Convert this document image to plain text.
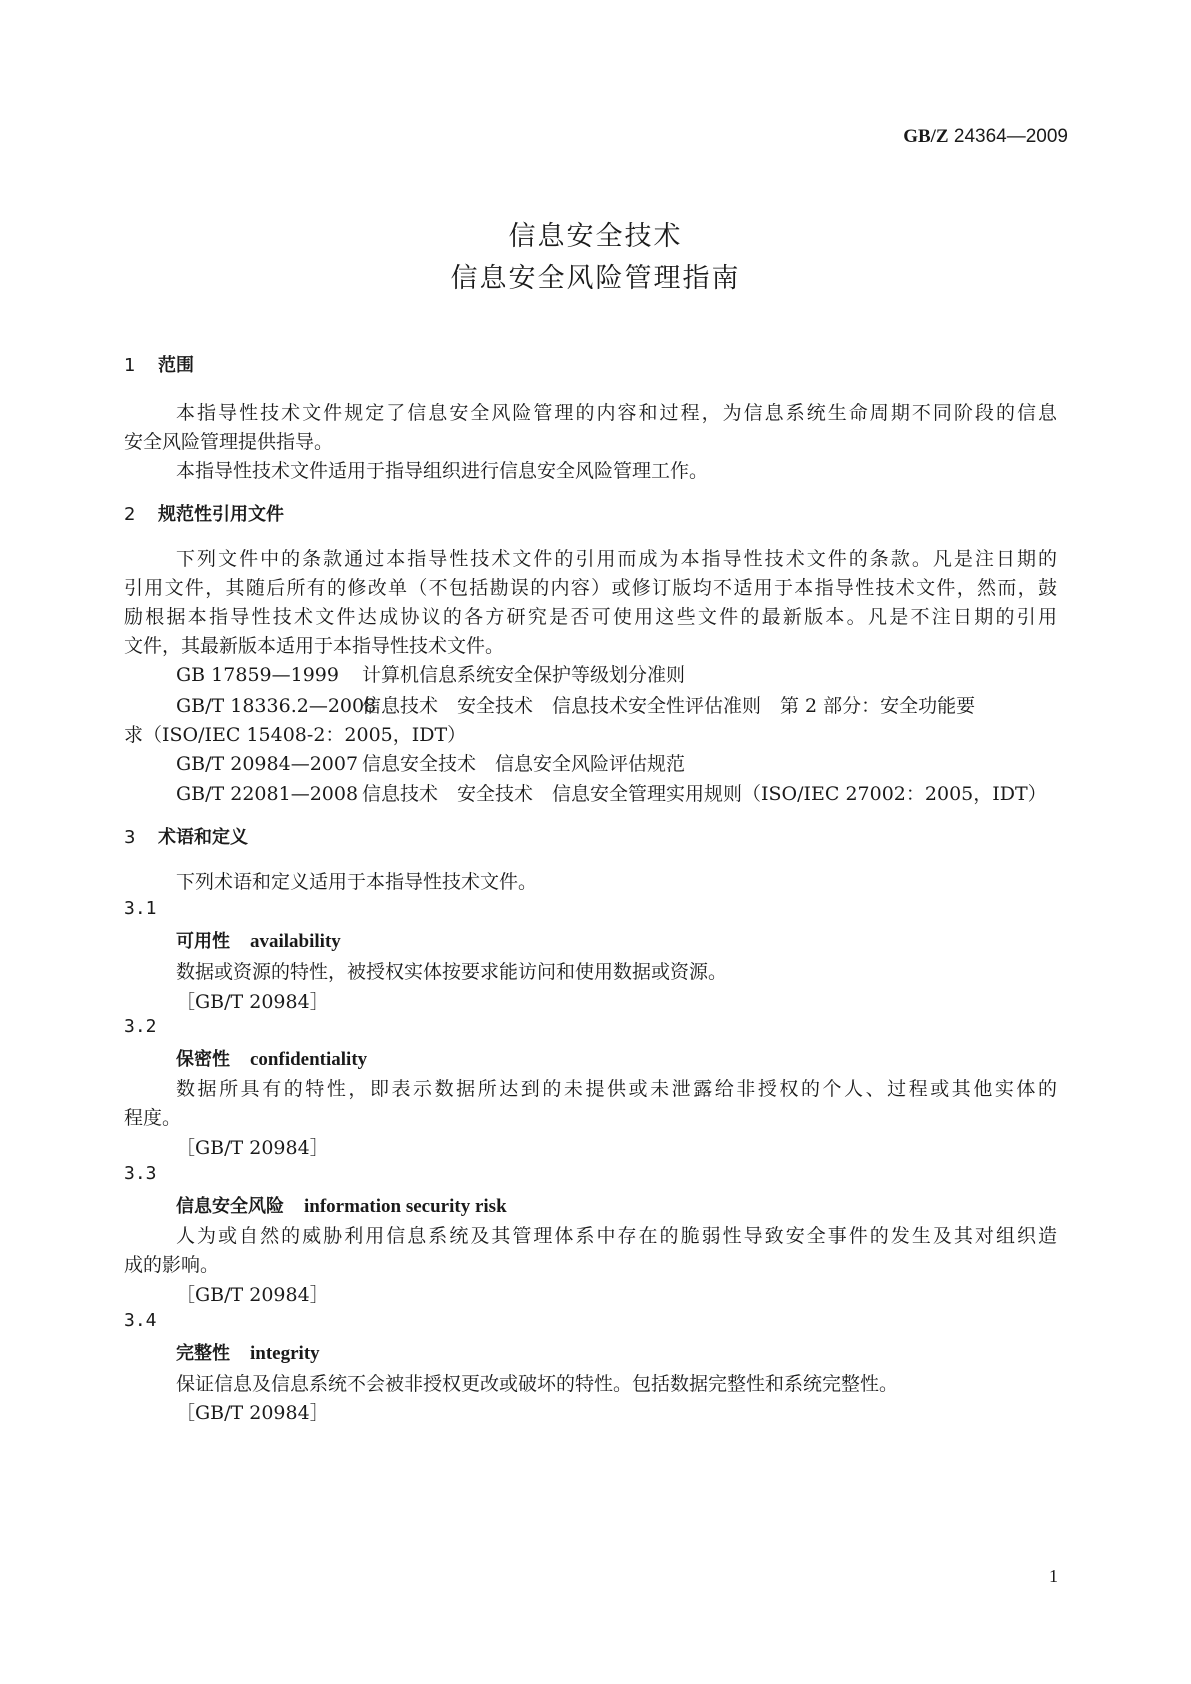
GB/Z 24364—2009
信息安全技术
信息安全风险管理指南
1 范围
本指导性技术文件规定了信息安全风险管理的内容和过程，为信息系统生命周期不同阶段的信息
安全风险管理提供指导。
本指导性技术文件适用于指导组织进行信息安全风险管理工作。
2 规范性引用文件
下列文件中的条款通过本指导性技术文件的引用而成为本指导性技术文件的条款。凡是注日期的
引用文件，其随后所有的修改单（不包括勘误的内容）或修订版均不适用于本指导性技术文件，然而，鼓
励根据本指导性技术文件达成协议的各方研究是否可使用这些文件的最新版本。凡是不注日期的引用
文件，其最新版本适用于本指导性技术文件。
GB 17859—1999 计算机信息系统安全保护等级划分准则
GB/T 18336.2—2008信息技术　安全技术　信息技术安全性评估准则　第 2 部分：安全功能要
求（ISO/IEC 15408-2：2005，IDT）
GB/T 20984—2007 信息安全技术　信息安全风险评估规范
GB/T 22081—2008 信息技术　安全技术　信息安全管理实用规则（ISO/IEC 27002：2005，IDT）
3 术语和定义
下列术语和定义适用于本指导性技术文件。
3.1
可用性 availability
数据或资源的特性，被授权实体按要求能访问和使用数据或资源。
［GB/T 20984］
3.2
保密性 confidentiality
数据所具有的特性，即表示数据所达到的未提供或未泄露给非授权的个人、过程或其他实体的
程度。
［GB/T 20984］
3.3
信息安全风险 information security risk
人为或自然的威胁利用信息系统及其管理体系中存在的脆弱性导致安全事件的发生及其对组织造
成的影响。
［GB/T 20984］
3.4
完整性 integrity
保证信息及信息系统不会被非授权更改或破坏的特性。包括数据完整性和系统完整性。
［GB/T 20984］
1
